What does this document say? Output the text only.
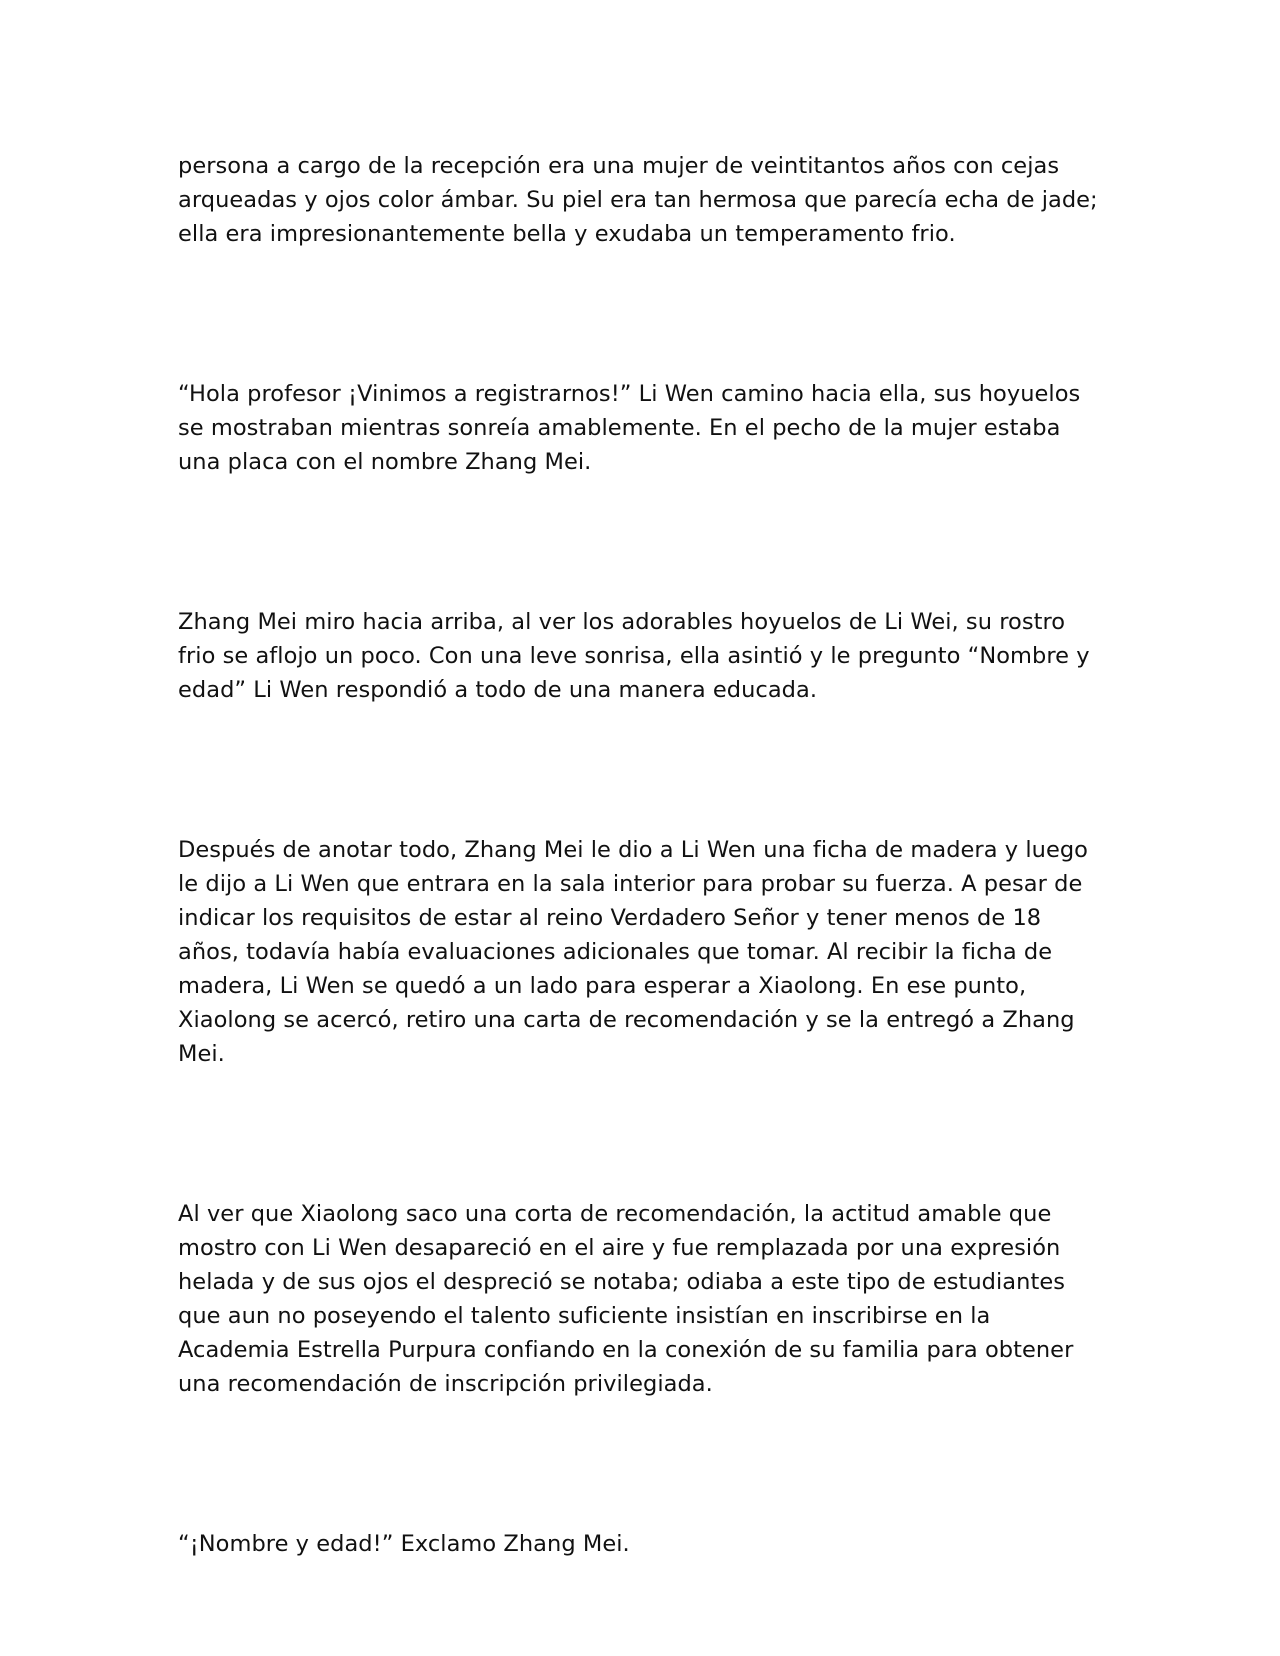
persona a cargo de la recepción era una mujer de veintitantos años con cejas arqueadas y ojos color ámbar. Su piel era tan hermosa que parecía echa de jade; ella era impresionantemente bella y exudaba un temperamento frio.

“Hola profesor ¡Vinimos a registrarnos!” Li Wen camino hacia ella, sus hoyuelos se mostraban mientras sonreía amablemente. En el pecho de la mujer estaba una placa con el nombre Zhang Mei.

Zhang Mei miro hacia arriba, al ver los adorables hoyuelos de Li Wei, su rostro frio se aflojo un poco. Con una leve sonrisa, ella asintió y le pregunto “Nombre y edad” Li Wen respondió a todo de una manera educada.

Después de anotar todo, Zhang Mei le dio a Li Wen una ficha de madera y luego le dijo a Li Wen que entrara en la sala interior para probar su fuerza. A pesar de indicar los requisitos de estar al reino Verdadero Señor y tener menos de 18 años, todavía había evaluaciones adicionales que tomar. Al recibir la ficha de madera, Li Wen se quedó a un lado para esperar a Xiaolong. En ese punto, Xiaolong se acercó, retiro una carta de recomendación y se la entregó a Zhang Mei.

Al ver que Xiaolong saco una corta de recomendación, la actitud amable que mostro con Li Wen desapareció en el aire y fue remplazada por una expresión helada y de sus ojos el despreció se notaba; odiaba a este tipo de estudiantes que aun no poseyendo el talento suficiente insistían en inscribirse en la Academia Estrella Purpura confiando en la conexión de su familia para obtener una recomendación de inscripción privilegiada.

“¡Nombre y edad!” Exclamo Zhang Mei.
